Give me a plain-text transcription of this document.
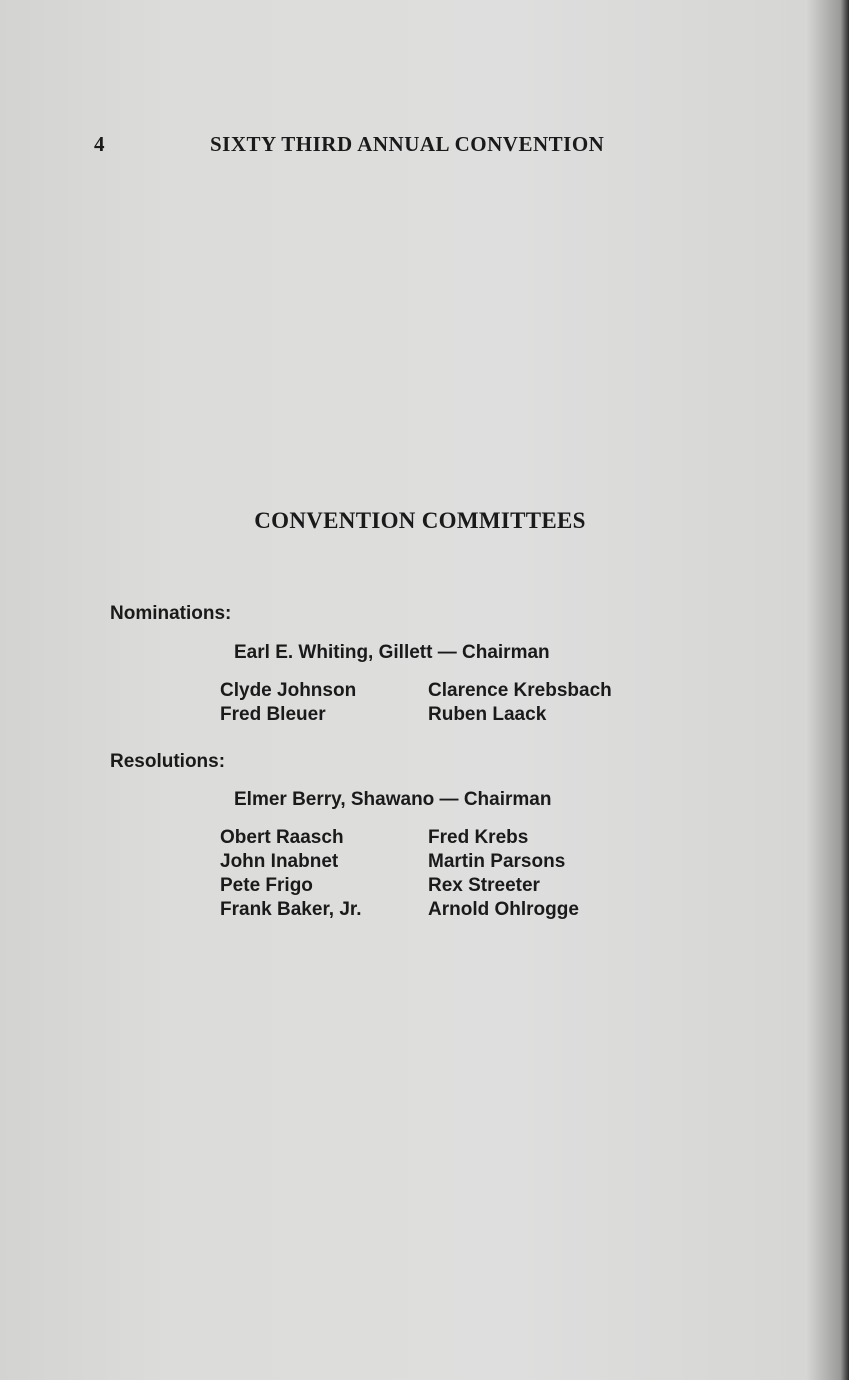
4	SIXTY THIRD ANNUAL CONVENTION
CONVENTION COMMITTEES
Nominations:
Earl E. Whiting, Gillett — Chairman
Clyde Johnson
Fred Bleuer
Clarence Krebsbach
Ruben Laack
Resolutions:
Elmer Berry, Shawano — Chairman
Obert Raasch
John Inabnet
Pete Frigo
Frank Baker, Jr.
Fred Krebs
Martin Parsons
Rex Streeter
Arnold Ohlrogge
